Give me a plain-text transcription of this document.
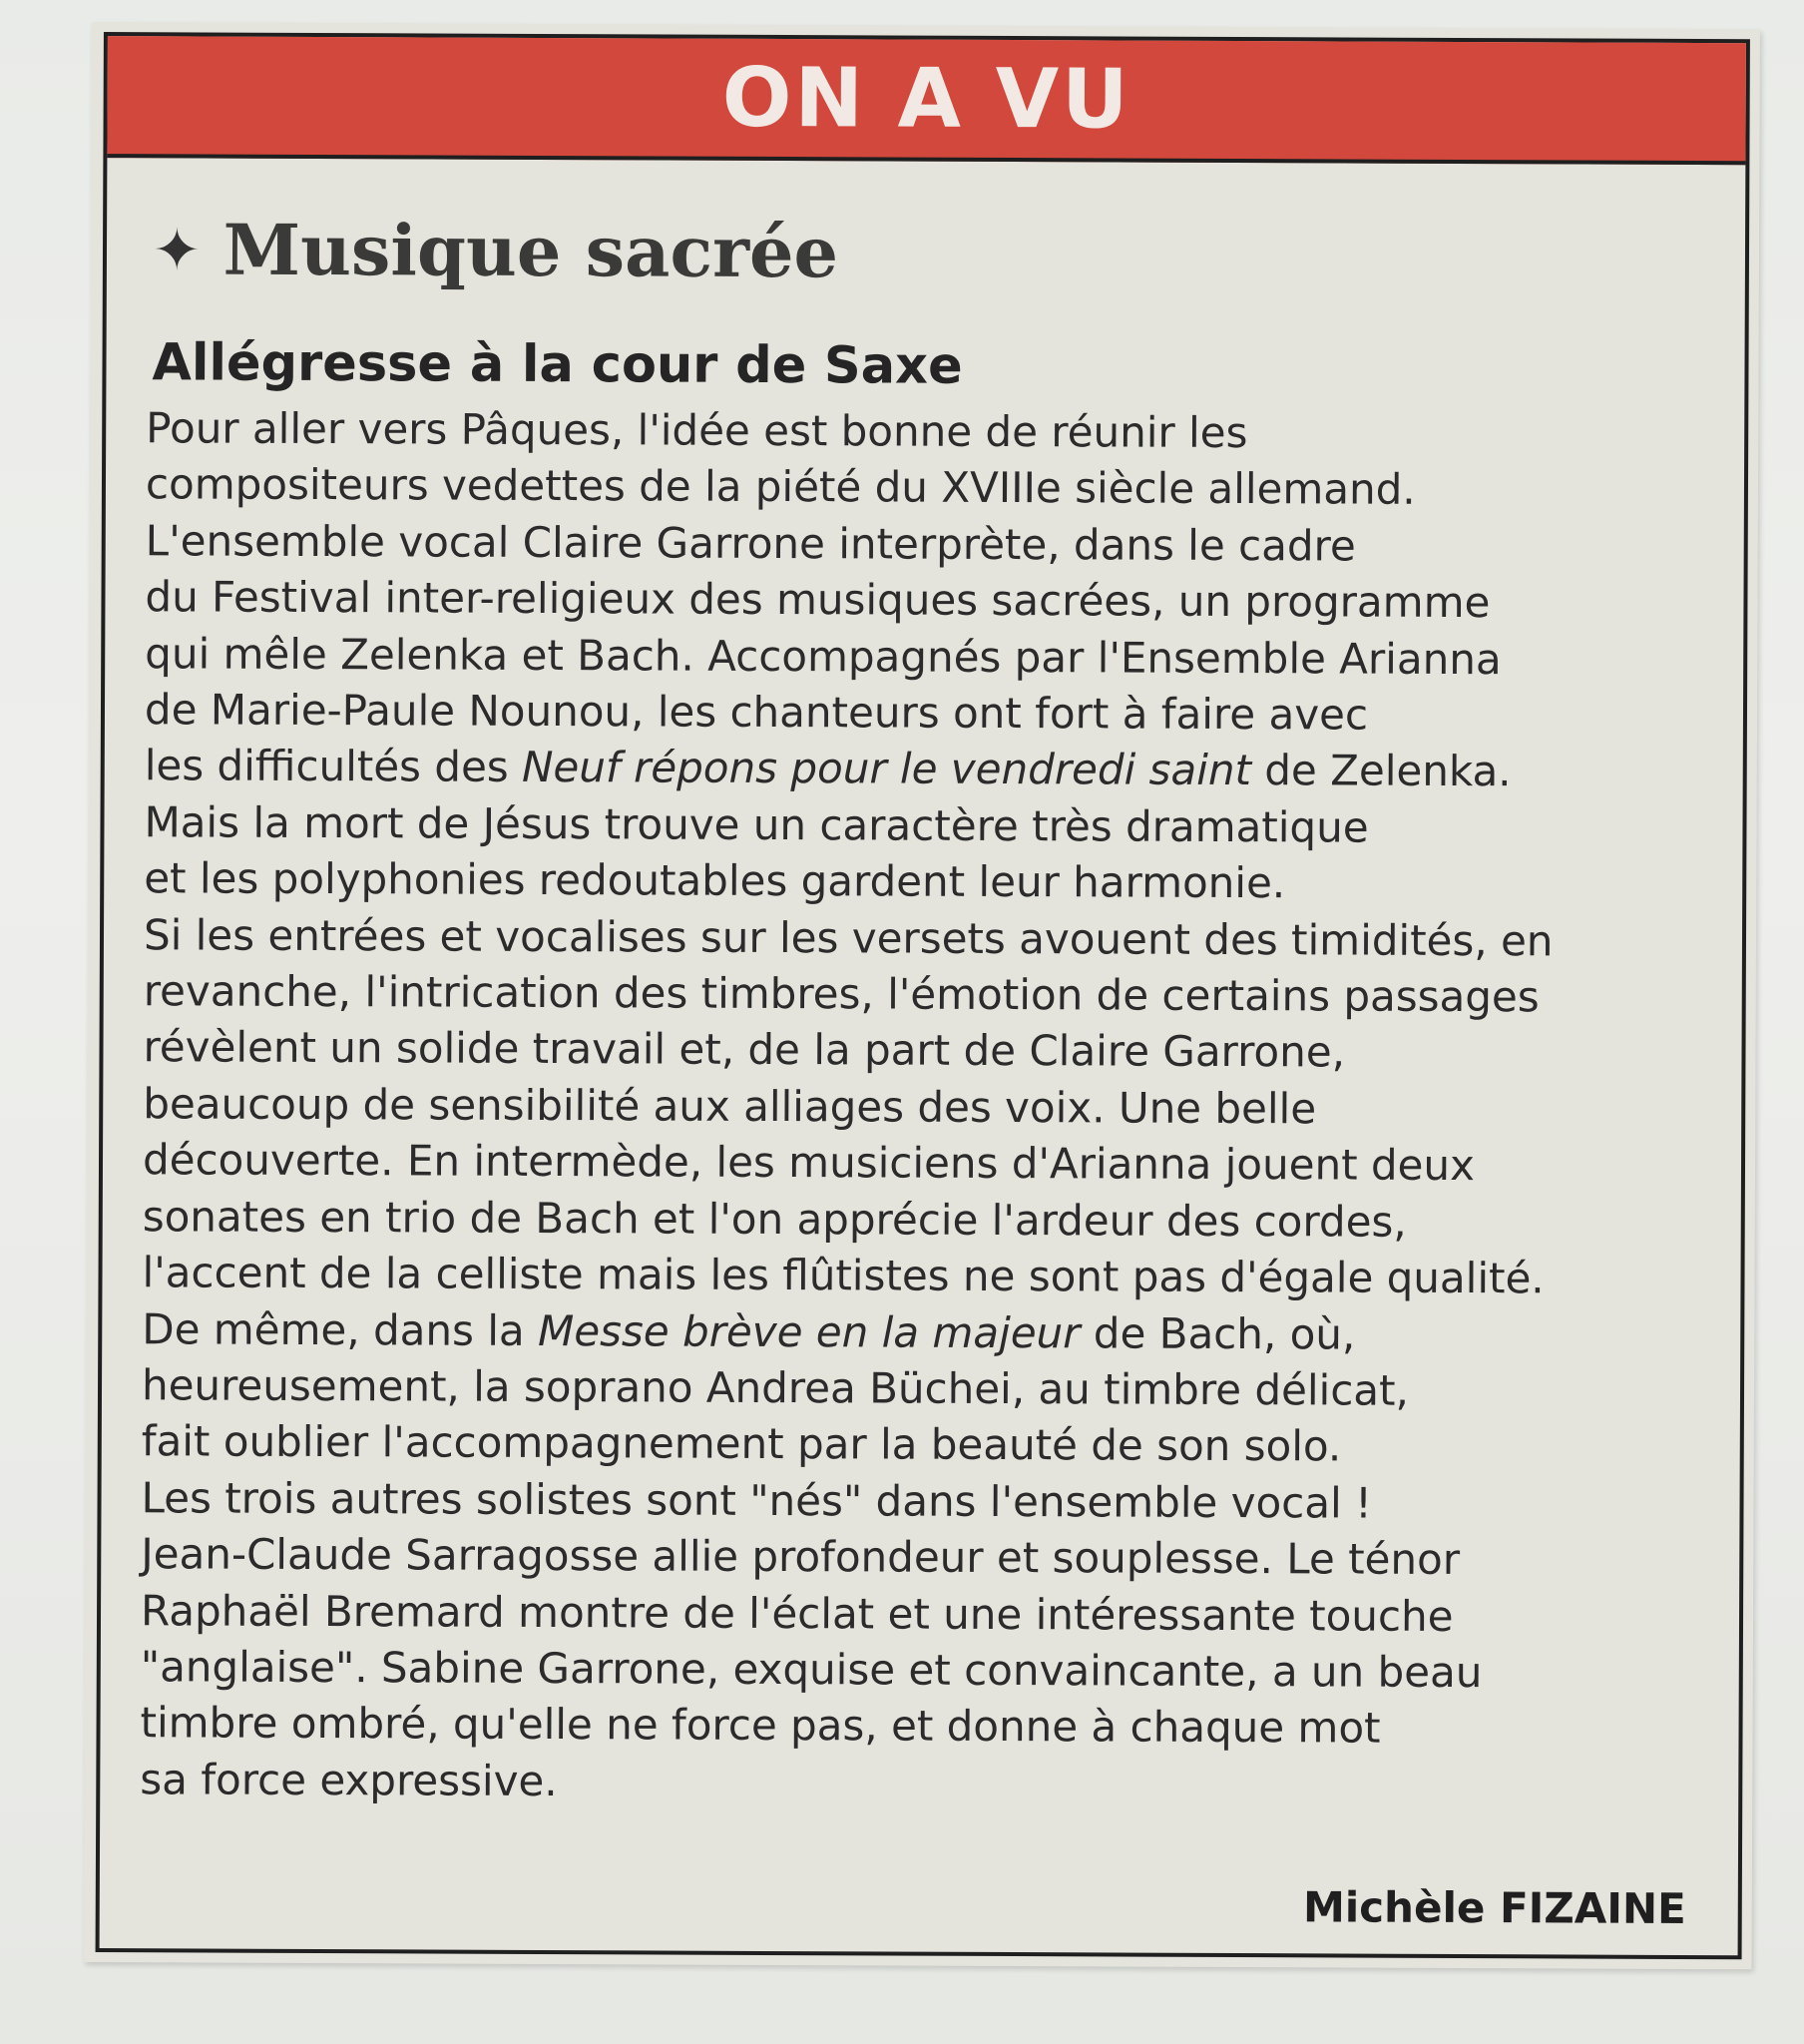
ON A VU
✦ Musique sacrée
Allégresse à la cour de Saxe
Pour aller vers Pâques, l'idée est bonne de réunir les
compositeurs vedettes de la piété du XVIIIe siècle allemand.
L'ensemble vocal Claire Garrone interprète, dans le cadre
du Festival inter-religieux des musiques sacrées, un programme
qui mêle Zelenka et Bach. Accompagnés par l'Ensemble Arianna
de Marie-Paule Nounou, les chanteurs ont fort à faire avec
les difficultés des Neuf répons pour le vendredi saint de Zelenka.
Mais la mort de Jésus trouve un caractère très dramatique
et les polyphonies redoutables gardent leur harmonie.
Si les entrées et vocalises sur les versets avouent des timidités, en
revanche, l'intrication des timbres, l'émotion de certains passages
révèlent un solide travail et, de la part de Claire Garrone,
beaucoup de sensibilité aux alliages des voix. Une belle
découverte. En intermède, les musiciens d'Arianna jouent deux
sonates en trio de Bach et l'on apprécie l'ardeur des cordes,
l'accent de la celliste mais les flûtistes ne sont pas d'égale qualité.
De même, dans la Messe brève en la majeur de Bach, où,
heureusement, la soprano Andrea Büchei, au timbre délicat,
fait oublier l'accompagnement par la beauté de son solo.
Les trois autres solistes sont "nés" dans l'ensemble vocal !
Jean-Claude Sarragosse allie profondeur et souplesse. Le ténor
Raphaël Bremard montre de l'éclat et une intéressante touche
"anglaise". Sabine Garrone, exquise et convaincante, a un beau
timbre ombré, qu'elle ne force pas, et donne à chaque mot
sa force expressive.
Michèle FIZAINE
